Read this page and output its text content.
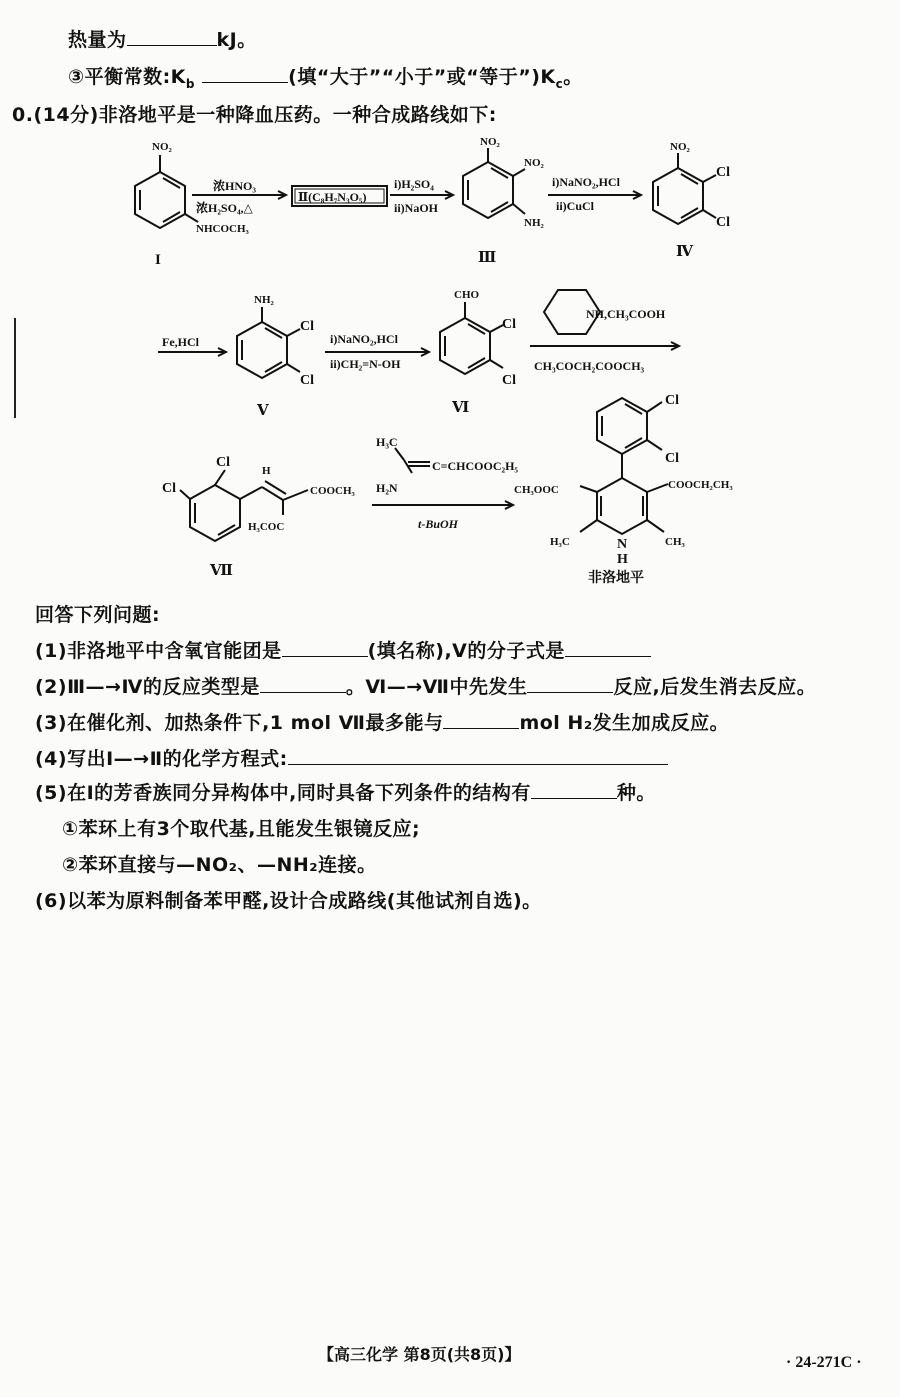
热量为	kJ。
③平衡常数$:K_b$	(填“大于”“小于”或“等于$”)K_c$。
0.(14分)非洛地平是一种降血压药。一种合成路线如下:
NO₂
NHCOCH₃
I
浓HNO₃
浓H₂SO₄,△
Ⅱ(C₈H₇N₃O₅)
i)H₂SO₄
ii)NaOH
NO₂
NO₂
NH₂
Ⅲ
i)NaNO₂,HCl
ii)CuCl
NO₂
Cl
Cl
Ⅳ
Fe,HCl
NH₂
Cl
Cl
Ⅴ
i)NaNO₂,HCl
ii)CH₂=N-OH
CHO
Cl
Cl
Ⅵ
NH,CH₃COOH
CH₃COCH₂COOCH₃
Cl
Cl
H
COOCH₃
H₃COC
Ⅶ
H₃C
C=CHCOOC₂H₅
H₂N
t-BuOH
Cl
Cl
CH₃OOC	COOCH₂CH₃
H₃C	CH₃
N
H
非洛地平
回答下列问题:
(1)非洛地平中含氧官能团是	(填名称),Ⅴ的分子式是
(2)Ⅲ—→Ⅳ的反应类型是	。Ⅵ—→Ⅶ中先发生	反应,后发生消去反应。
(3)在催化剂、加热条件下,1 mol Ⅶ最多能与	mol H₂发生加成反应。
(4)写出Ⅰ—→Ⅱ的化学方程式:
(5)在Ⅰ的芳香族同分异构体中,同时具备下列条件的结构有	种。
①苯环上有3个取代基,且能发生银镜反应;
②苯环直接与—NO₂、—NH₂连接。
(6)以苯为原料制备苯甲醛,设计合成路线(其他试剂自选)。
【高三化学 第8页(共8页)】	· 24-271C ·
